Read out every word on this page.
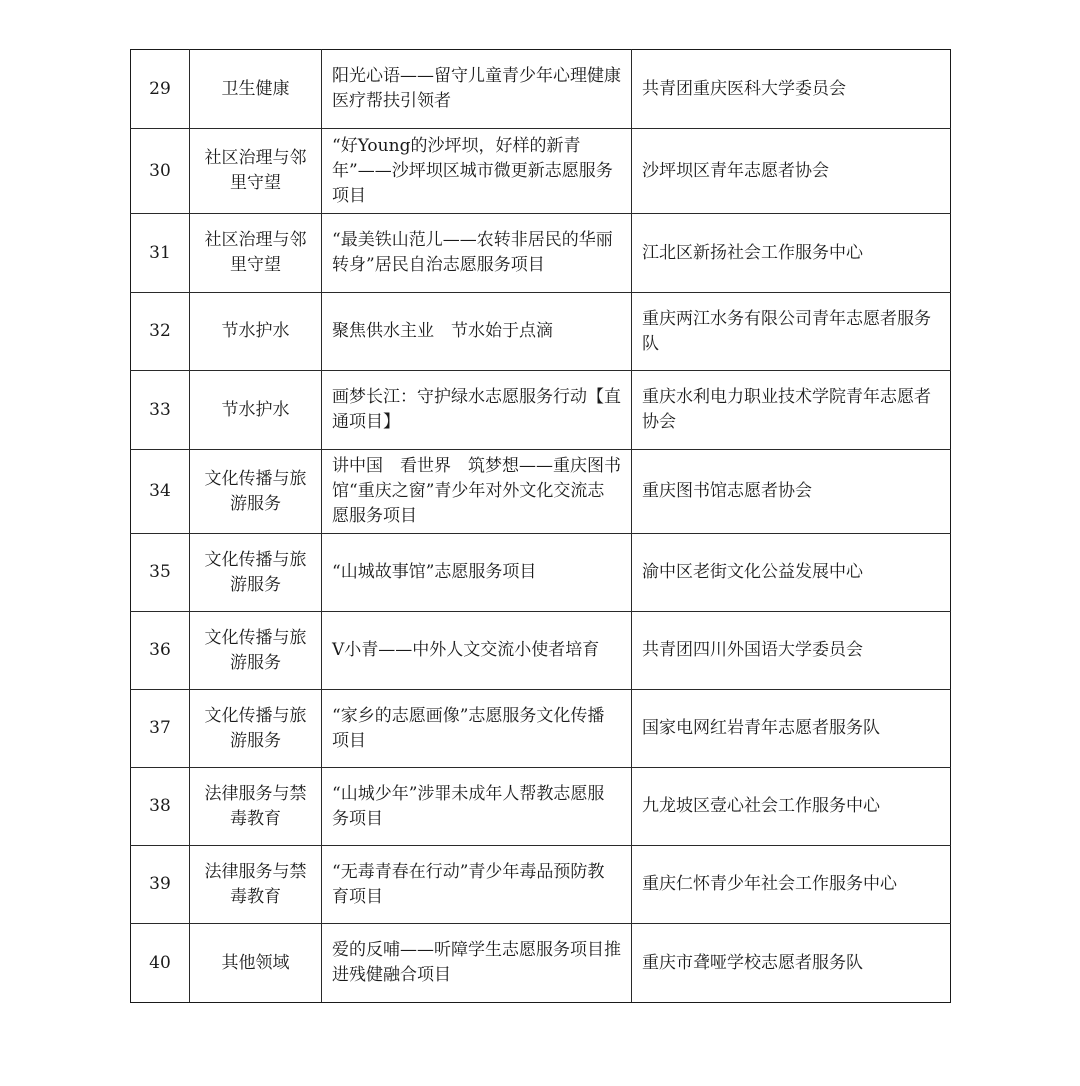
29	卫生健康	阳光心语——留守儿童青少年心理健康医疗帮扶引领者	共青团重庆医科大学委员会
30	社区治理与邻里守望	“好Young的沙坪坝，好样的新青年”——沙坪坝区城市微更新志愿服务项目	沙坪坝区青年志愿者协会
31	社区治理与邻里守望	“最美铁山范儿——农转非居民的华丽转身”居民自治志愿服务项目	江北区新扬社会工作服务中心
32	节水护水	聚焦供水主业　节水始于点滴	重庆两江水务有限公司青年志愿者服务队
33	节水护水	画梦长江：守护绿水志愿服务行动【直通项目】	重庆水利电力职业技术学院青年志愿者协会
34	文化传播与旅游服务	讲中国　看世界　筑梦想——重庆图书馆“重庆之窗”青少年对外文化交流志愿服务项目	重庆图书馆志愿者协会
35	文化传播与旅游服务	“山城故事馆”志愿服务项目	渝中区老街文化公益发展中心
36	文化传播与旅游服务	V小青——中外人文交流小使者培育	共青团四川外国语大学委员会
37	文化传播与旅游服务	“家乡的志愿画像”志愿服务文化传播项目	国家电网红岩青年志愿者服务队
38	法律服务与禁毒教育	“山城少年”涉罪未成年人帮教志愿服务项目	九龙坡区壹心社会工作服务中心
39	法律服务与禁毒教育	“无毒青春在行动”青少年毒品预防教育项目	重庆仁怀青少年社会工作服务中心
40	其他领域	爱的反哺——听障学生志愿服务项目推进残健融合项目	重庆市聋哑学校志愿者服务队
